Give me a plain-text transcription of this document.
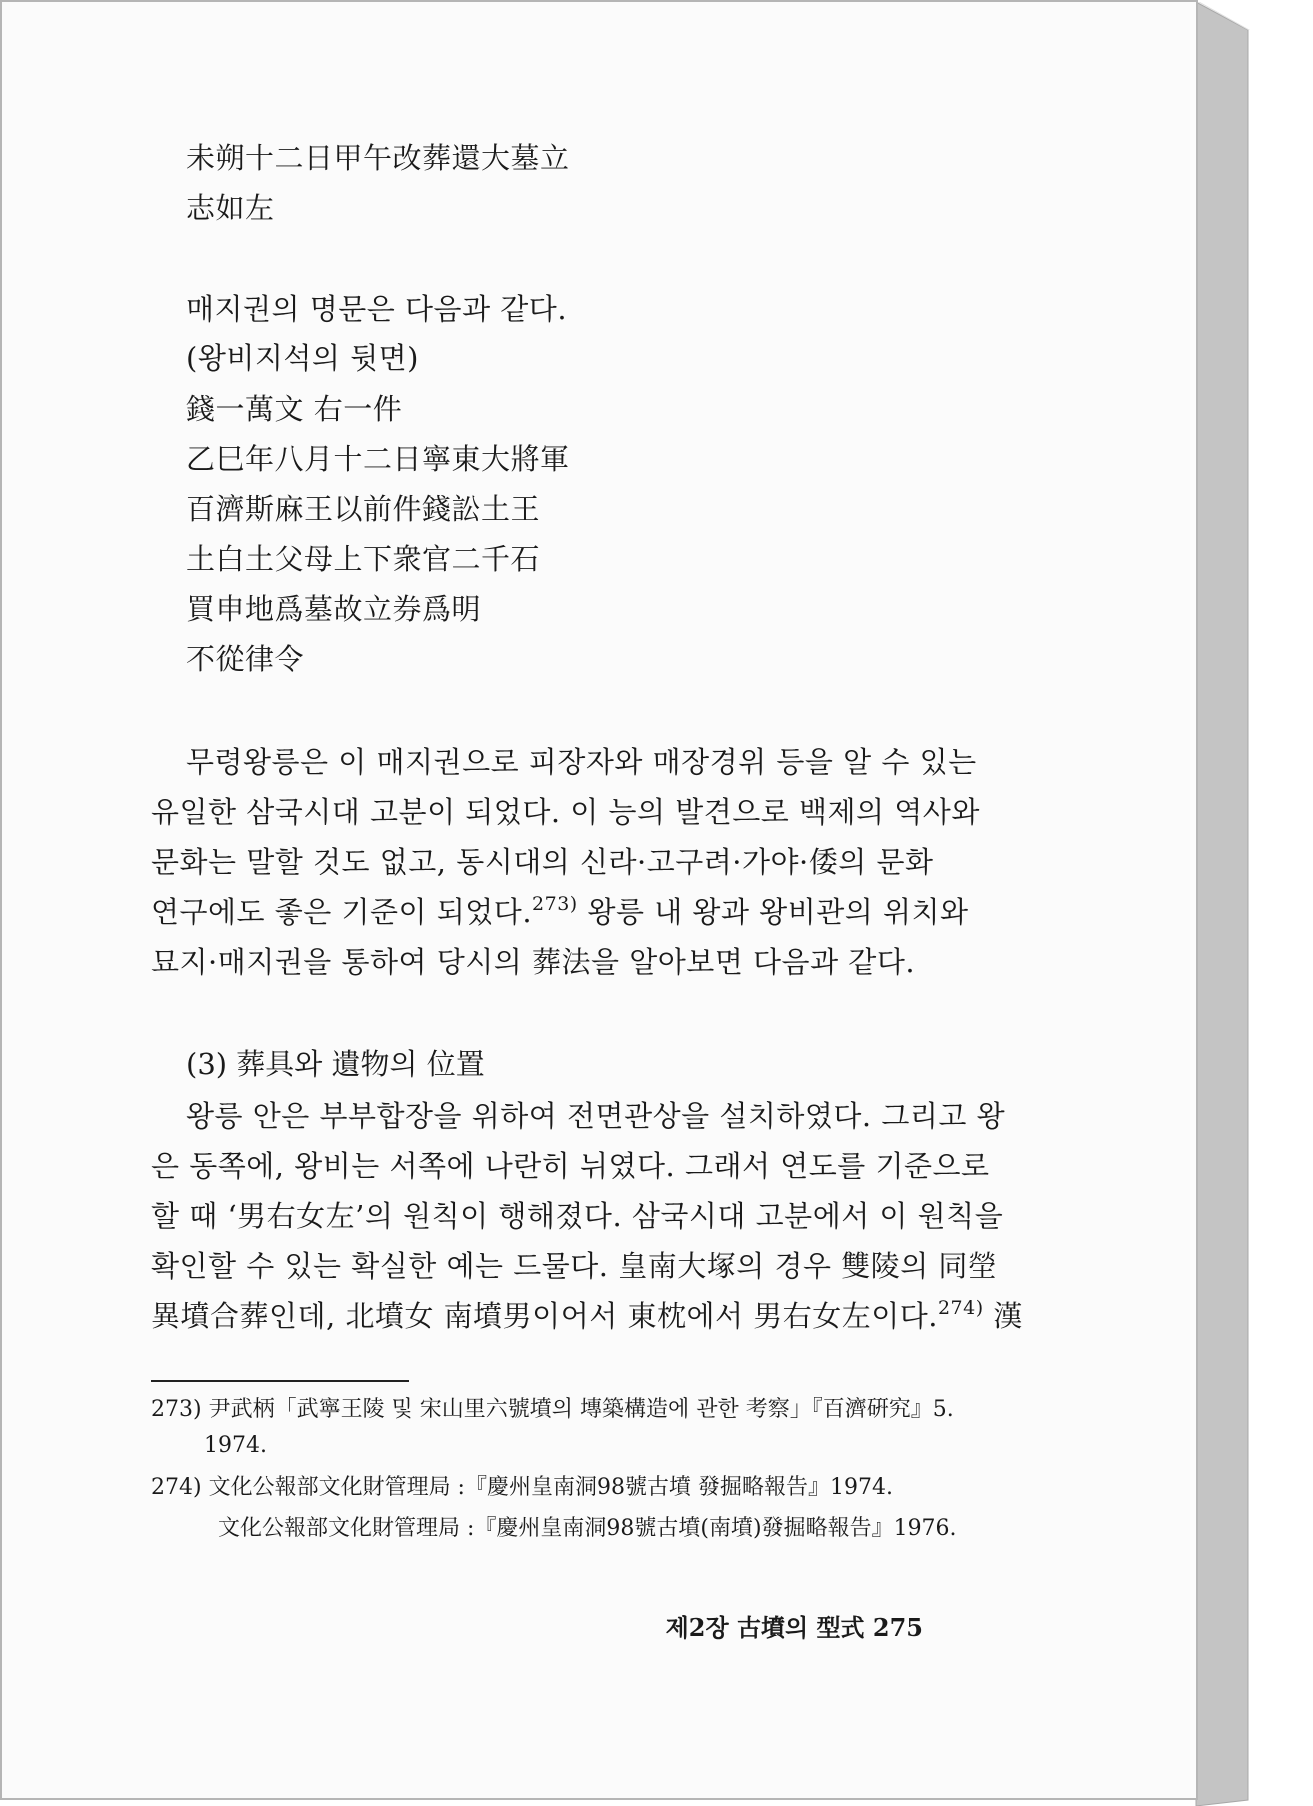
未朔十二日甲午改葬還大墓立
志如左
매지권의 명문은 다음과 같다.
(왕비지석의 뒷면)
錢一萬文 右一件
乙巳年八月十二日寧東大將軍
百濟斯麻王以前件錢訟土王
土白土父母上下衆官二千石
買申地爲墓故立券爲明
不從律令
무령왕릉은 이 매지권으로 피장자와 매장경위 등을 알 수 있는
유일한 삼국시대 고분이 되었다. 이 능의 발견으로 백제의 역사와
문화는 말할 것도 없고, 동시대의 신라·고구려·가야·倭의 문화
연구에도 좋은 기준이 되었다.$^{273)}$ 왕릉 내 왕과 왕비관의 위치와
묘지·매지권을 통하여 당시의 葬法을 알아보면 다음과 같다.
(3) 葬具와 遺物의 位置
왕릉 안은 부부합장을 위하여 전면관상을 설치하였다. 그리고 왕
은 동쪽에, 왕비는 서쪽에 나란히 뉘였다. 그래서 연도를 기준으로
할 때 ‘男右女左’의 원칙이 행해졌다. 삼국시대 고분에서 이 원칙을
확인할 수 있는 확실한 예는 드물다. 皇南大塚의 경우 雙陵의 同塋
異墳合葬인데, 北墳女 南墳男이어서 東枕에서 男右女左이다.$^{274)}$ 漢
273) 尹武柄「武寧王陵 및 宋山里六號墳의 塼築構造에 관한 考察」『百濟硏究』5.
1974.
274) 文化公報部文化財管理局 :『慶州皇南洞98號古墳 發掘略報告』1974.
文化公報部文化財管理局 :『慶州皇南洞98號古墳(南墳)發掘略報告』1976.
제2장 古墳의 型式 275
